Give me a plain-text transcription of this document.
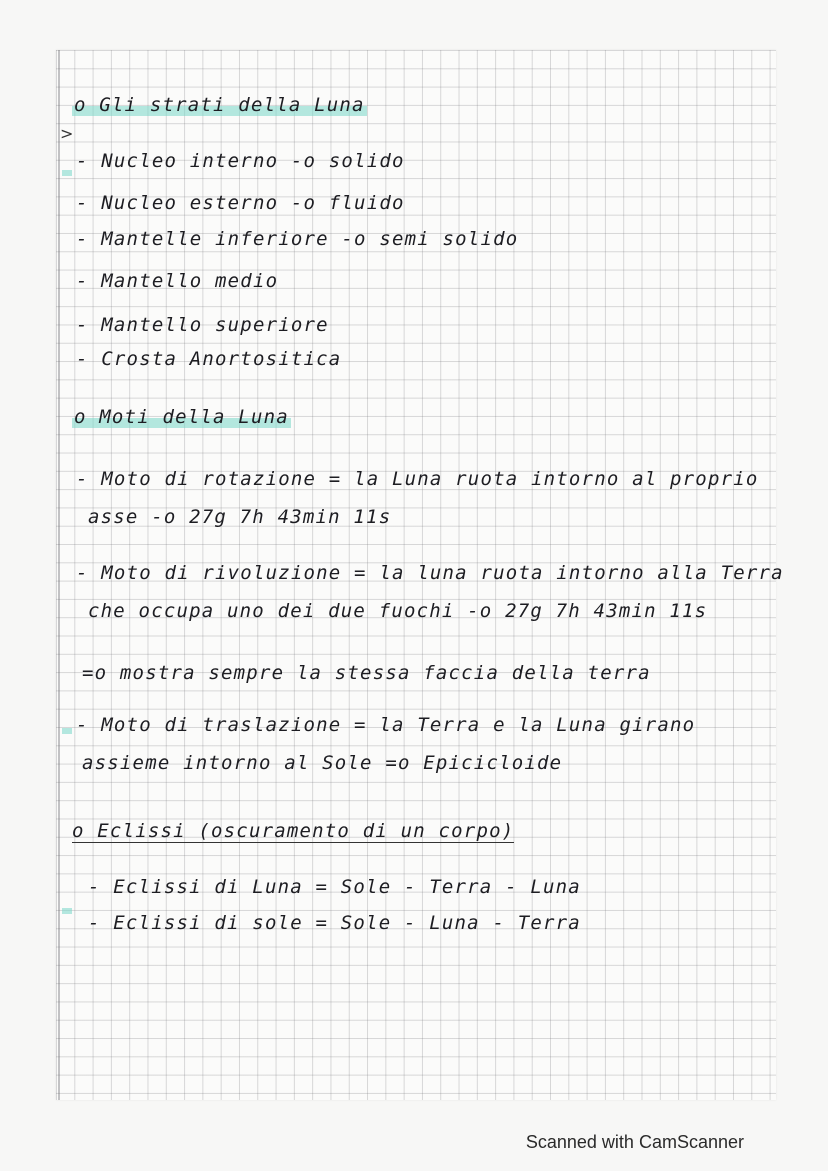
>
o Gli strati della Luna
- Nucleo interno -o solido
- Nucleo esterno -o fluido
- Mantelle inferiore -o semi solido
- Mantello medio
- Mantello superiore
- Crosta Anortositica
o Moti della Luna
- Moto di rotazione = la Luna ruota intorno al proprio
asse -o 27g 7h 43min 11s
- Moto di rivoluzione = la luna ruota intorno alla Terra
che occupa uno dei due fuochi -o 27g 7h 43min 11s
=o mostra sempre la stessa faccia della terra
- Moto di traslazione = la Terra e la Luna girano
assieme intorno al Sole =o Epicicloide
o Eclissi (oscuramento di un corpo)
- Eclissi di Luna = Sole - Terra - Luna
- Eclissi di sole = Sole - Luna - Terra
Scanned with CamScanner
